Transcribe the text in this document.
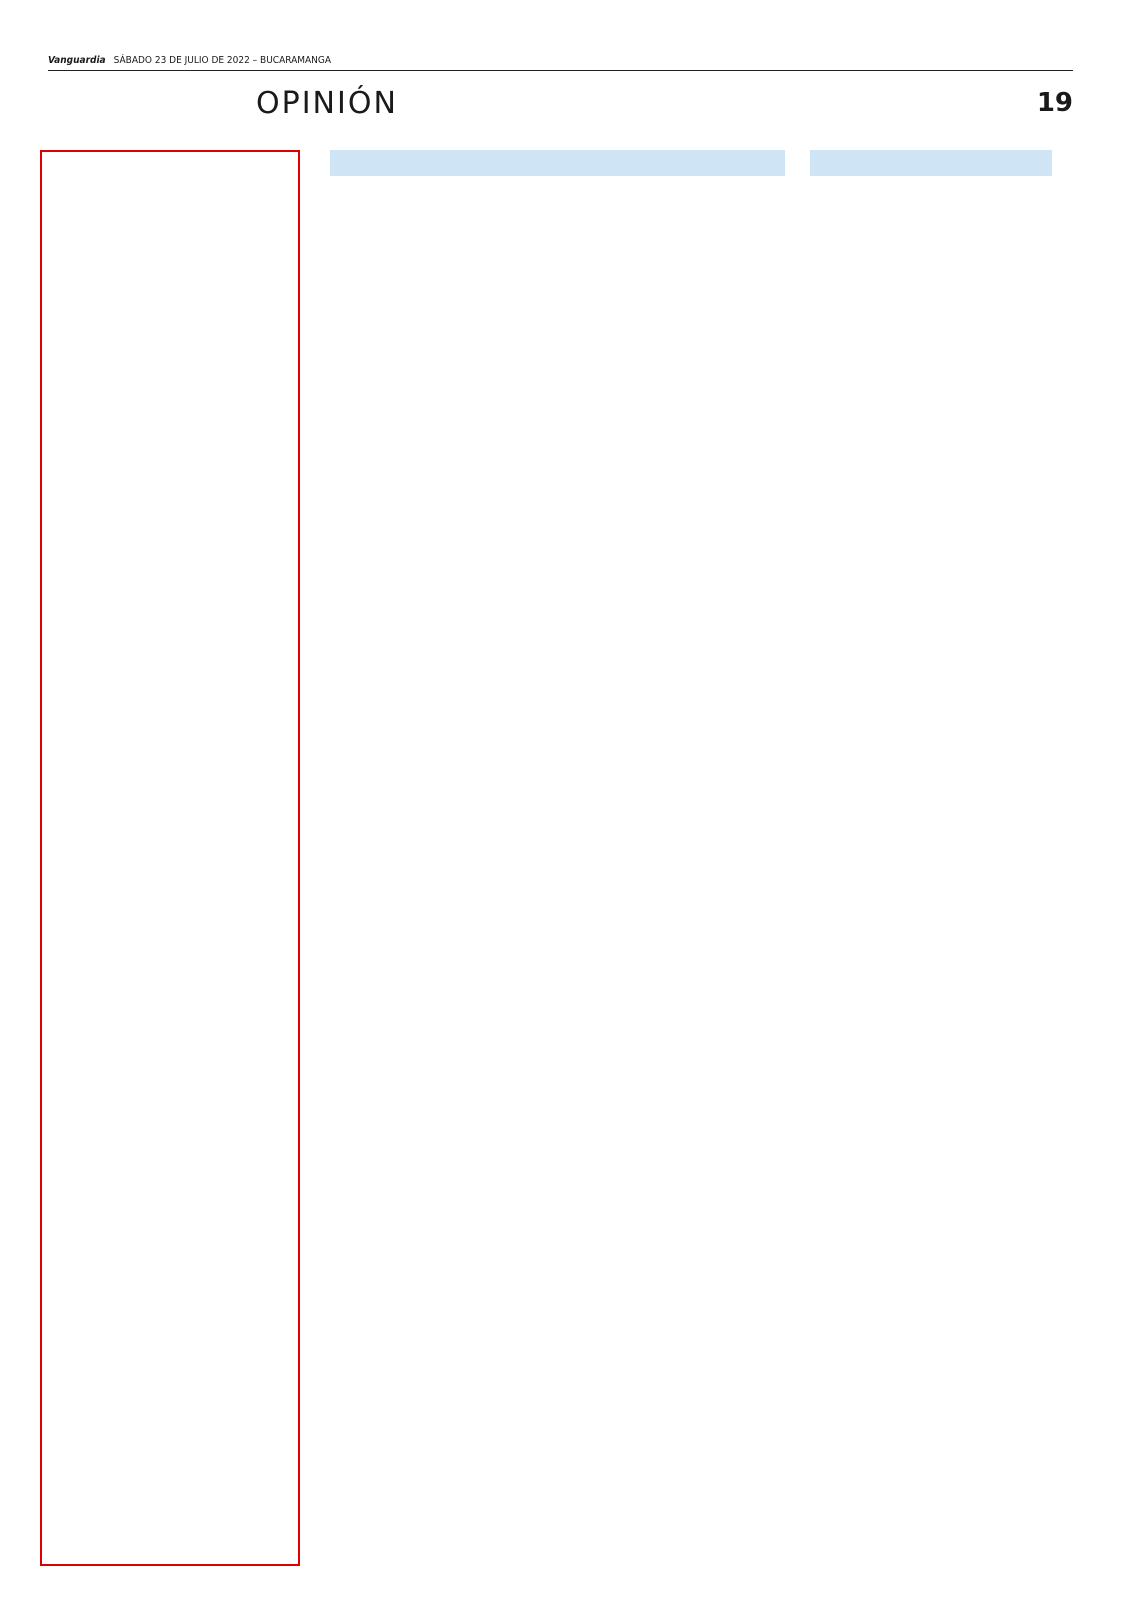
Vanguardia SÁBADO 23 DE JULIO DE 2022 – BUCARAMANGA
OPINIÓN	19
